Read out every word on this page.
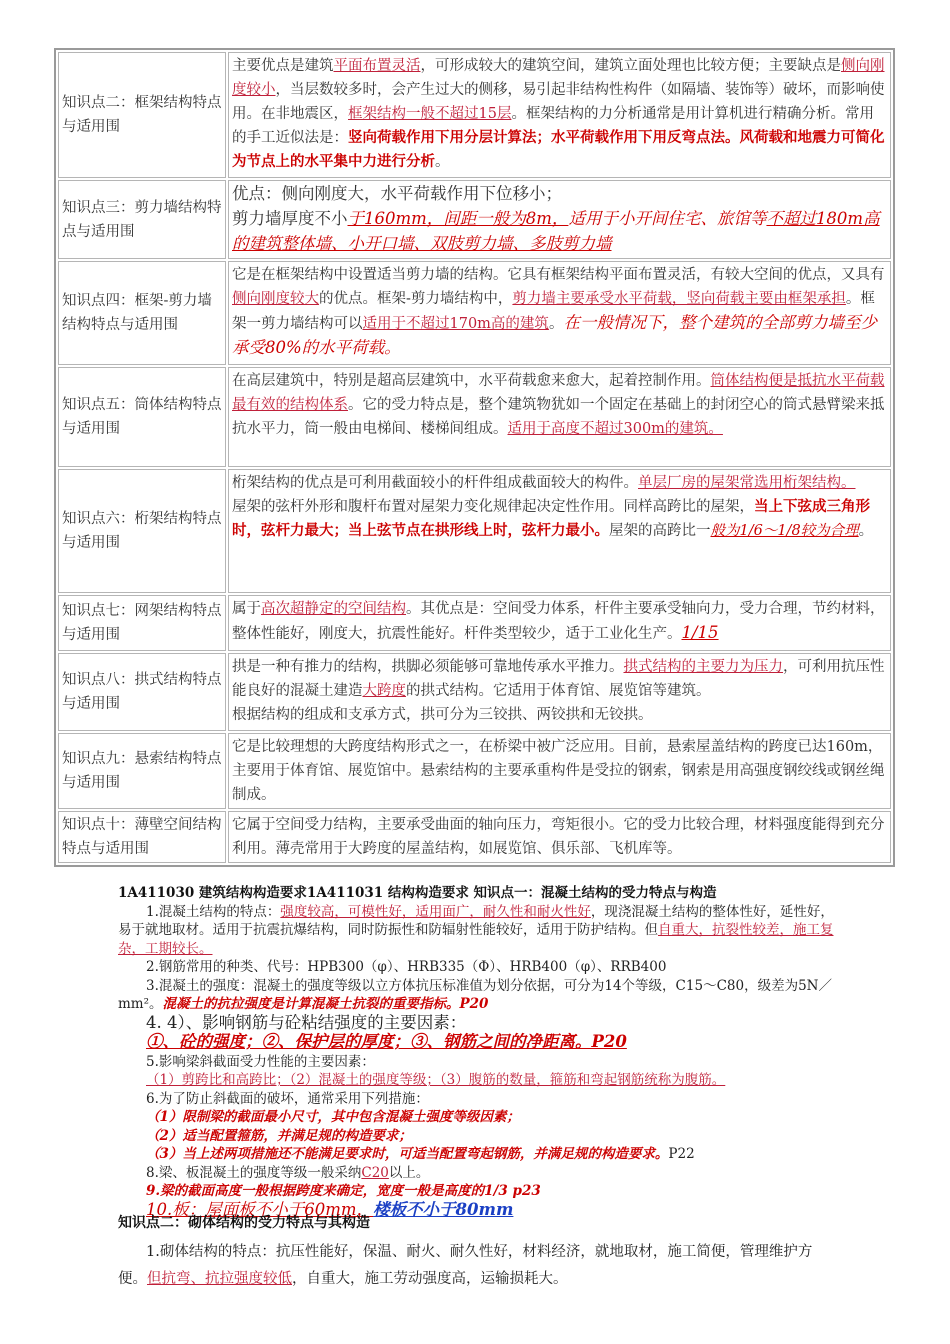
知识点二：框架结构特点与适用围	主要优点是建筑平面布置灵活，可形成较大的建筑空间，建筑立面处理也比较方便；主要缺点是侧向刚度较小，当层数较多时，会产生过大的侧移，易引起非结构性构件（如隔墙、装饰等）破坏，而影响使用。在非地震区，框架结构一般不超过15层。框架结构的力分析通常是用计算机进行精确分析。常用的手工近似法是：竖向荷载作用下用分层计算法；水平荷载作用下用反弯点法。风荷载和地震力可简化为节点上的水平集中力进行分析。
知识点三：剪力墙结构特点与适用围	优点：侧向刚度大，水平荷载作用下位移小；
剪力墙厚度不小于160mm，间距一般为8m，适用于小开间住宅、旅馆等不超过180m高的建筑整体墙、小开口墙、双肢剪力墙、多肢剪力墙
知识点四：框架-剪力墙结构特点与适用围	它是在框架结构中设置适当剪力墙的结构。它具有框架结构平面布置灵活，有较大空间的优点，又具有侧向刚度较大的优点。框架-剪力墙结构中，剪力墙主要承受水平荷载，竖向荷载主要由框架承担。框架一剪力墙结构可以适用于不超过170m高的建筑。在一般情况下，整个建筑的全部剪力墙至少承受80%的水平荷载。
知识点五：筒体结构特点与适用围	在高层建筑中，特别是超高层建筑中，水平荷载愈来愈大，起着控制作用。筒体结构便是抵抗水平荷载最有效的结构体系。它的受力特点是，整个建筑物犹如一个固定在基础上的封闭空心的筒式悬臂梁来抵抗水平力，筒一般由电梯间、楼梯间组成。适用于高度不超过300m的建筑。
知识点六：桁架结构特点与适用围	桁架结构的优点是可利用截面较小的杆件组成截面较大的构件。单层厂房的屋架常选用桁架结构。
屋架的弦杆外形和腹杆布置对屋架力变化规律起决定性作用。同样高跨比的屋架，当上下弦成三角形时，弦杆力最大；当上弦节点在拱形线上时，弦杆力最小。屋架的高跨比一般为1/6～1/8较为合理。
知识点七：网架结构特点与适用围	属于高次超静定的空间结构。其优点是：空间受力体系，杆件主要承受轴向力，受力合理，节约材料，整体性能好，刚度大，抗震性能好。杆件类型较少，适于工业化生产。1/15
知识点八：拱式结构特点与适用围	拱是一种有推力的结构，拱脚必须能够可靠地传承水平推力。拱式结构的主要力为压力，可利用抗压性能良好的混凝土建造大跨度的拱式结构。它适用于体育馆、展览馆等建筑。
根据结构的组成和支承方式，拱可分为三铰拱、两铰拱和无铰拱。
知识点九：悬索结构特点与适用围	它是比较理想的大跨度结构形式之一，在桥梁中被广泛应用。目前，悬索屋盖结构的跨度已达160m，主要用于体育馆、展览馆中。悬索结构的主要承重构件是受拉的钢索，钢索是用高强度钢绞线或钢丝绳制成。
知识点十：薄壁空间结构特点与适用围	它属于空间受力结构，主要承受曲面的轴向压力，弯矩很小。它的受力比较合理，材料强度能得到充分利用。薄壳常用于大跨度的屋盖结构，如展览馆、俱乐部、飞机库等。
1A411030 建筑结构构造要求1A411031 结构构造要求 知识点一：混凝土结构的受力特点与构造
1.混凝土结构的特点：强度较高，可模性好，适用面广，耐久性和耐火性好，现浇混凝土结构的整体性好，延性好，易于就地取材。适用于抗震抗爆结构，同时防振性和防辐射性能较好，适用于防护结构。但自重大，抗裂性较差，施工复杂，工期较长。
2.钢筋常用的种类、代号：HPB300（φ）、HRB335（Φ）、HRB400（φ）、RRB400
3.混凝土的强度：混凝土的强度等级以立方体抗压标准值为划分依据，可分为14个等级，C15～C80，级差为5N／mm²。混凝土的抗拉强度是计算混凝土抗裂的重要指标。P20
4. 4）、影响钢筋与砼粘结强度的主要因素：
①、砼的强度；②、保护层的厚度；③、钢筋之间的净距离。P20
5.影响梁斜截面受力性能的主要因素：
（1）剪跨比和高跨比；（2）混凝土的强度等级；（3）腹筋的数量，箍筋和弯起钢筋统称为腹筋。
6.为了防止斜截面的破坏，通常采用下列措施：
（1）限制梁的截面最小尺寸，其中包含混凝土强度等级因素；
（2）适当配置箍筋，并满足规的构造要求；
（3）当上述两项措施还不能满足要求时，可适当配置弯起钢筋，并满足规的构造要求。P22
8.梁、板混凝土的强度等级一般采纳C20以上。
9.梁的截面高度一般根据跨度来确定，宽度一般是高度的1/3 p23
10.板：屋面板不小于60mm，楼板不小于80mm
知识点二：砌体结构的受力特点与其构造
1.砌体结构的特点：抗压性能好，保温、耐火、耐久性好，材料经济，就地取材，施工简便，管理维护方便。但抗弯、抗拉强度较低，自重大，施工劳动强度高，运输损耗大。
